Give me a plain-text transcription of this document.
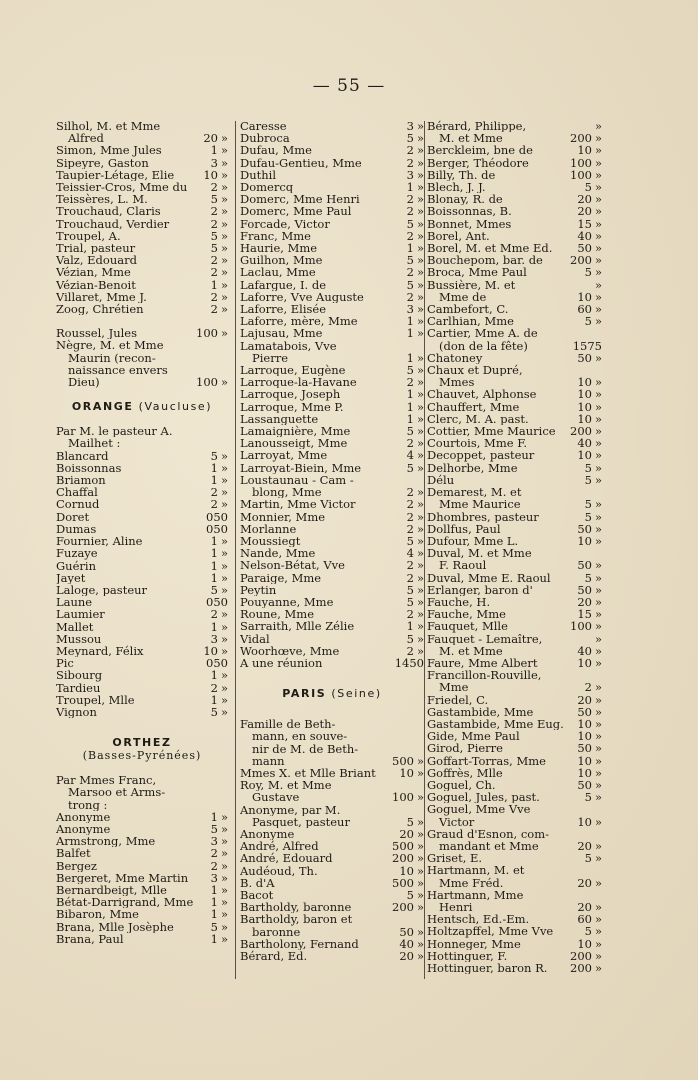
— 55 —
Silhol, M. et Mme
Alfred	20 »
Simon, Mme Jules	1 »
Sipeyre, Gaston	3 »
Taupier-Létage, Elie	10 »
Teissier-Cros, Mme du	2 »
Teissères, L. M.	5 »
Trouchaud, Claris	2 »
Trouchaud, Verdier	2 »
Troupel, A.	5 »
Trial, pasteur	5 »
Valz, Edouard	2 »
Vézian, Mme	2 »
Vézian-Benoit	1 »
Villaret, Mme J.	2 »
Zoog, Chrétien	2 »
Roussel, Jules	100 »
Nègre, M. et Mme
Maurin (recon-
naissance envers
Dieu)	100 »
ORANGE (Vaucluse)
Par M. le pasteur A.
Mailhet :
Blancard	5 »
Boissonnas	1 »
Briamon	1 »
Chaffal	2 »
Cornud	2 »
Doret	0 50
Dumas	0 50
Fournier, Aline	1 »
Fuzaye	1 »
Guérin	1 »
Jayet	1 »
Laloge, pasteur	5 »
Laune	0 50
Laumier	2 »
Mallet	1 »
Mussou	3 »
Meynard, Félix	10 »
Pic	0 50
Sibourg	1 »
Tardieu	2 »
Troupel, Mlle	1 »
Vignon	5 »
ORTHEZ
(Basses-Pyrénées)
Par Mmes Franc,
Marsoo et Arms-
trong :
Anonyme	1 »
Anonyme	5 »
Armstrong, Mme	3 »
Balfet	2 »
Bergez	2 »
Bergeret, Mme Martin	3 »
Bernardbeigt, Mlle	1 »
Bétat-Darrigrand, Mme	1 »
Bibaron, Mme	1 »
Brana, Mlle Josèphe	5 »
Brana, Paul	1 »
Caresse	3 »
Dubroca	5 »
Dufau, Mme	2 »
Dufau-Gentieu, Mme	2 »
Duthil	3 »
Domercq	1 »
Domerc, Mme Henri	2 »
Domerc, Mme Paul	2 »
Forcade, Victor	5 »
Franc, Mme	2 »
Haurie, Mme	1 »
Guilhon, Mme	5 »
Laclau, Mme	2 »
Lafargue, I. de	5 »
Laforre, Vve Auguste	2 »
Laforre, Elisée	3 »
Laforre, mère, Mme	1 »
Lajusau, Mme	1 »
Lamatabois, Vve
Pierre	1 »
Larroque, Eugène	5 »
Larroque-la-Havane	2 »
Larroque, Joseph	1 »
Larroque, Mme P.	1 »
Lassanguette	1 »
Lamaignière, Mme	5 »
Lanousseigt, Mme	2 »
Larroyat, Mme	4 »
Larroyat-Biein, Mme	5 »
Loustaunau - Cam -
blong, Mme	2 »
Martin, Mme Victor	2 »
Monnier, Mme	2 »
Morlanne	2 »
Moussiegt	5 »
Nande, Mme	4 »
Nelson-Bétat, Vve	2 »
Paraige, Mme	2 »
Peytin	5 »
Pouyanne, Mme	5 »
Roune, Mme	2 »
Sarraith, Mlle Zélie	1 »
Vidal	5 »
Woorhœve, Mme	2 »
A une réunion	14 50
PARIS (Seine)
Famille de Beth-
mann, en souve-
nir de M. de Beth-
mann	500 »
Mmes X. et Mlle Briant	10 »
Roy, M. et Mme
Gustave	100 »
Anonyme, par M.
Pasquet, pasteur	5 »
Anonyme	20 »
André, Alfred	500 »
André, Edouard	200 »
Audéoud, Th.	10 »
B. d'A	500 »
Bacot	5 »
Bartholdy, baronne	200 »
Bartholdy, baron et
baronne	50 »
Bartholony, Fernand	40 »
Bérard, Ed.	20 »
Bérard, Philippe,	»
M. et Mme	200 »
Berckleim, bne de	10 »
Berger, Théodore	100 »
Billy, Th. de	100 »
Blech, J. J.	5 »
Blonay, R. de	20 »
Boissonnas, B.	20 »
Bonnet, Mmes	15 »
Borel, Ant.	40 »
Borel, M. et Mme Ed.	50 »
Bouchepom, bar. de	200 »
Broca, Mme Paul	5 »
Bussière, M. et	»
Mme de	10 »
Cambefort, C.	60 »
Carlhian, Mme	5 »
Cartier, Mme A. de
(don de la fête)	15 75
Chatoney	50 »
Chaux et Dupré,
Mmes	10 »
Chauvet, Alphonse	10 »
Chauffert, Mme	10 »
Clerc, M. A. past.	10 »
Cottier, Mme Maurice	200 »
Courtois, Mme F.	40 »
Decoppet, pasteur	10 »
Delhorbe, Mme	5 »
Délu	5 »
Demarest, M. et
Mme Maurice	5 »
Dhombres, pasteur	5 »
Dollfus, Paul	50 »
Dufour, Mme L.	10 »
Duval, M. et Mme
F. Raoul	50 »
Duval, Mme E. Raoul	5 »
Erlanger, baron d'	50 »
Fauche, H.	20 »
Fauche, Mme	15 »
Fauquet, Mlle	100 »
Fauquet - Lemaître,	»
M. et Mme	40 »
Faure, Mme Albert	10 »
Francillon-Rouville,
Mme	2 »
Friedel, C.	20 »
Gastambide, Mme	50 »
Gastambide, Mme Eug.	10 »
Gide, Mme Paul	10 »
Girod, Pierre	50 »
Goffart-Torras, Mme	10 »
Goffrès, Mlle	10 »
Goguel, Ch.	50 »
Goguel, Jules, past.	5 »
Goguel, Mme Vve
Victor	10 »
Graud d'Esnon, com-
mandant et Mme	20 »
Griset, E.	5 »
Hartmann, M. et
Mme Fréd.	20 »
Hartmann, Mme
Henri	20 »
Hentsch, Ed.-Em.	60 »
Holtzapffel, Mme Vve	5 »
Honneger, Mme	10 »
Hottinguer, F.	200 »
Hottinguer, baron R.	200 »
